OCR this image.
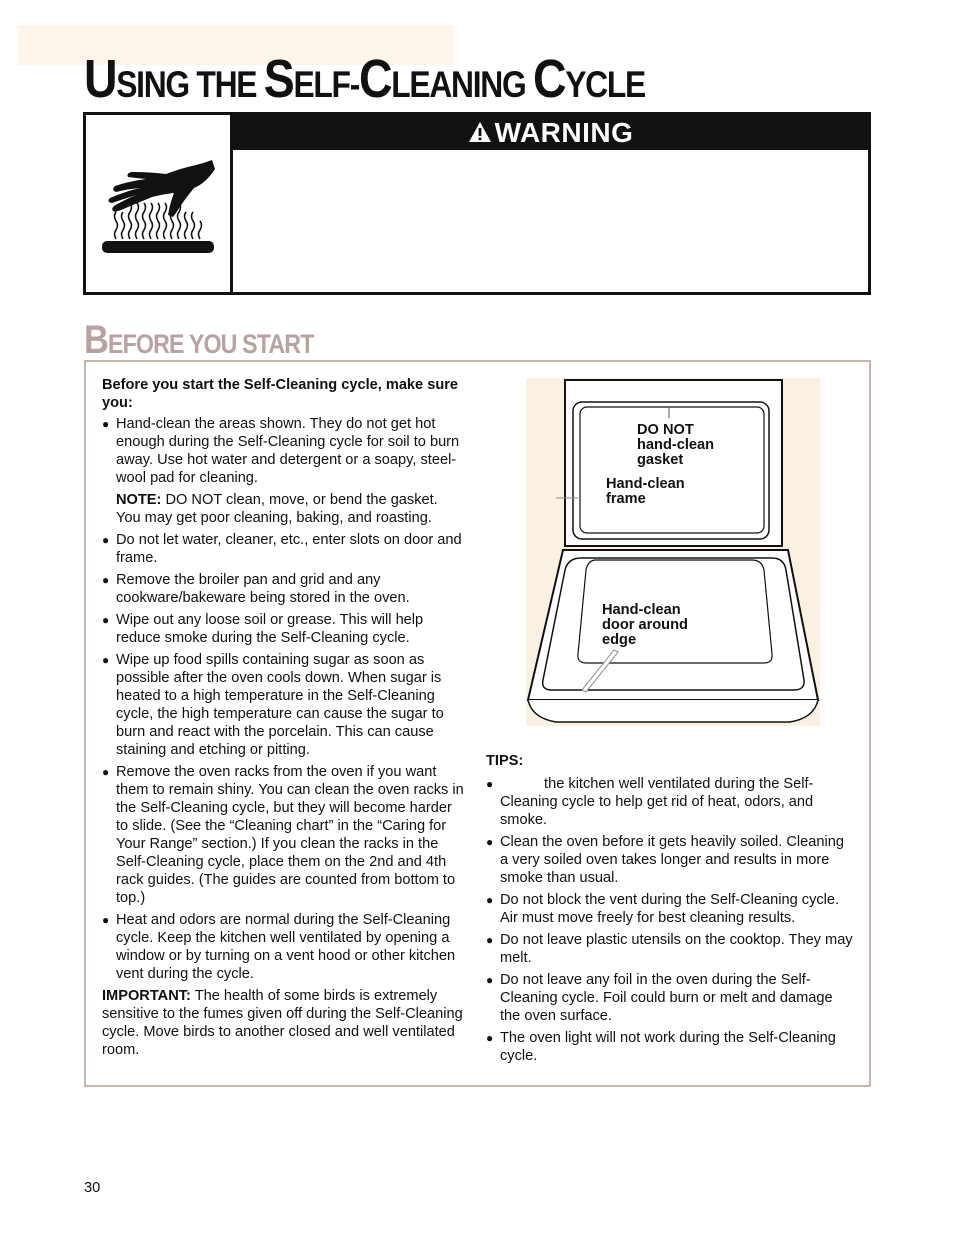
USING THE SELF-CLEANING CYCLE
WARNING
BEFORE YOU START

Before you start the Self-Cleaning cycle, make sure you:

● Hand-clean the areas shown. They do not get hot enough during the Self-Cleaning cycle for soil to burn away. Use hot water and detergent or a soapy, steel-wool pad for cleaning.

NOTE: DO NOT clean, move, or bend the gasket. You may get poor cleaning, baking, and roasting.

● Do not let water, cleaner, etc., enter slots on door and frame.
● Remove the broiler pan and grid and any cookware/bakeware being stored in the oven.
● Wipe out any loose soil or grease. This will help reduce smoke during the Self-Cleaning cycle.
● Wipe up food spills containing sugar as soon as possible after the oven cools down. When sugar is heated to a high temperature in the Self-Cleaning cycle, the high temperature can cause the sugar to burn and react with the porcelain. This can cause staining and etching or pitting.
● Remove the oven racks from the oven if you want them to remain shiny. You can clean the oven racks in the Self-Cleaning cycle, but they will become harder to slide. (See the “Cleaning chart” in the “Caring for Your Range” section.) If you clean the racks in the Self-Cleaning cycle, place them on the 2nd and 4th rack guides. (The guides are counted from bottom to top.)
● Heat and odors are normal during the Self-Cleaning cycle. Keep the kitchen well ventilated by opening a window or by turning on a vent hood or other kitchen vent during the cycle.

IMPORTANT: The health of some birds is extremely sensitive to the fumes given off during the Self-Cleaning cycle. Move birds to another closed and well ventilated room.

DO NOT
hand-clean
gasket
Hand-clean
frame
Hand-clean
door around
edge

TIPS:

● the kitchen well ventilated during the Self-Cleaning cycle to help get rid of heat, odors, and smoke.
● Clean the oven before it gets heavily soiled. Cleaning a very soiled oven takes longer and results in more smoke than usual.
● Do not block the vent during the Self-Cleaning cycle. Air must move freely for best cleaning results.
● Do not leave plastic utensils on the cooktop. They may melt.
● Do not leave any foil in the oven during the Self-Cleaning cycle. Foil could burn or melt and damage the oven surface.
● The oven light will not work during the Self-Cleaning cycle.
30
